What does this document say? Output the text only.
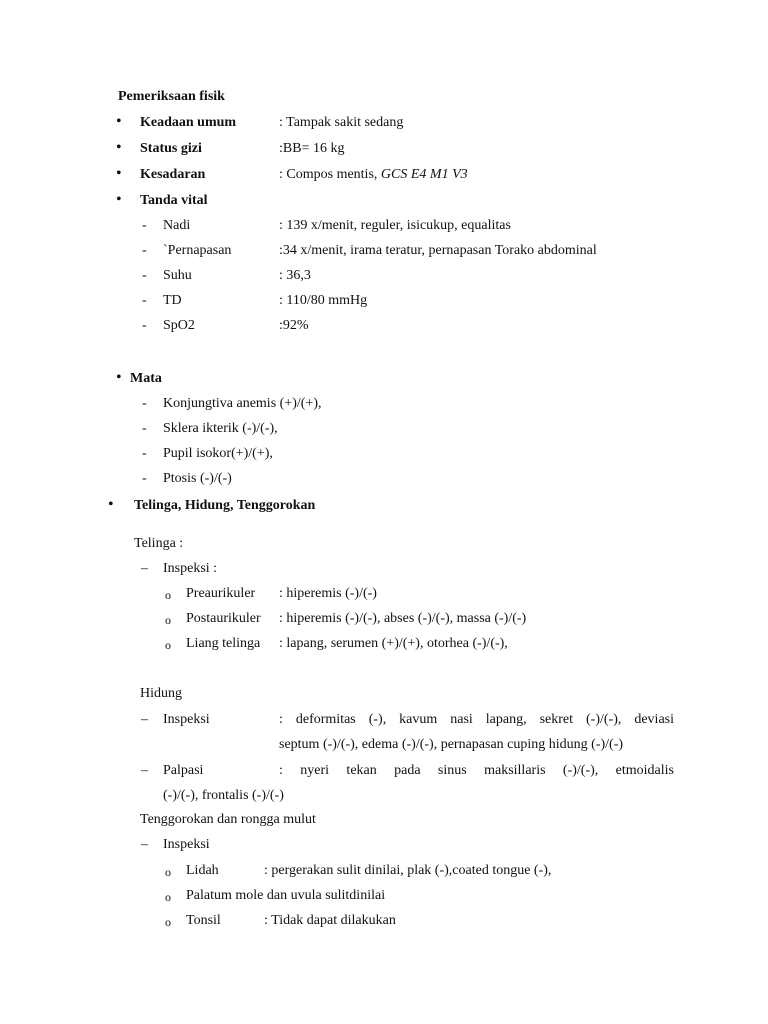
Pemeriksaan fisik
• Keadaan umum	: Tampak sakit sedang
• Status gizi	:BB= 16 kg
• Kesadaran	: Compos mentis, GCS E4 M1 V3
• Tanda vital
- Nadi	: 139 x/menit, reguler, isicukup, equalitas
- `Pernapasan	:34 x/menit, irama teratur, pernapasan Torako abdominal
- Suhu	: 36,3
- TD	: 110/80 mmHg
- SpO2	:92%
• Mata
- Konjungtiva anemis (+)/(+),
- Sklera ikterik (-)/(-),
- Pupil isokor(+)/(+),
- Ptosis (-)/(-)
• Telinga, Hidung, Tenggorokan
Telinga :
– Inspeksi :
o Preaurikuler : hiperemis (-)/(-)
o Postaurikuler : hiperemis (-)/(-), abses (-)/(-), massa (-)/(-)
o Liang telinga : lapang, serumen (+)/(+), otorhea (-)/(-),
Hidung
– Inspeksi	: deformitas (-), kavum nasi lapang, sekret (-)/(-), deviasi
septum (-)/(-), edema (-)/(-), pernapasan cuping hidung (-)/(-)
– Palpasi	: nyeri tekan pada sinus maksillaris (-)/(-), etmoidalis
(-)/(-), frontalis (-)/(-)
Tenggorokan dan rongga mulut
– Inspeksi
o Lidah	: pergerakan sulit dinilai, plak (-),coated tongue (-),
o Palatum mole dan uvula sulitdinilai
o Tonsil	: Tidak dapat dilakukan
